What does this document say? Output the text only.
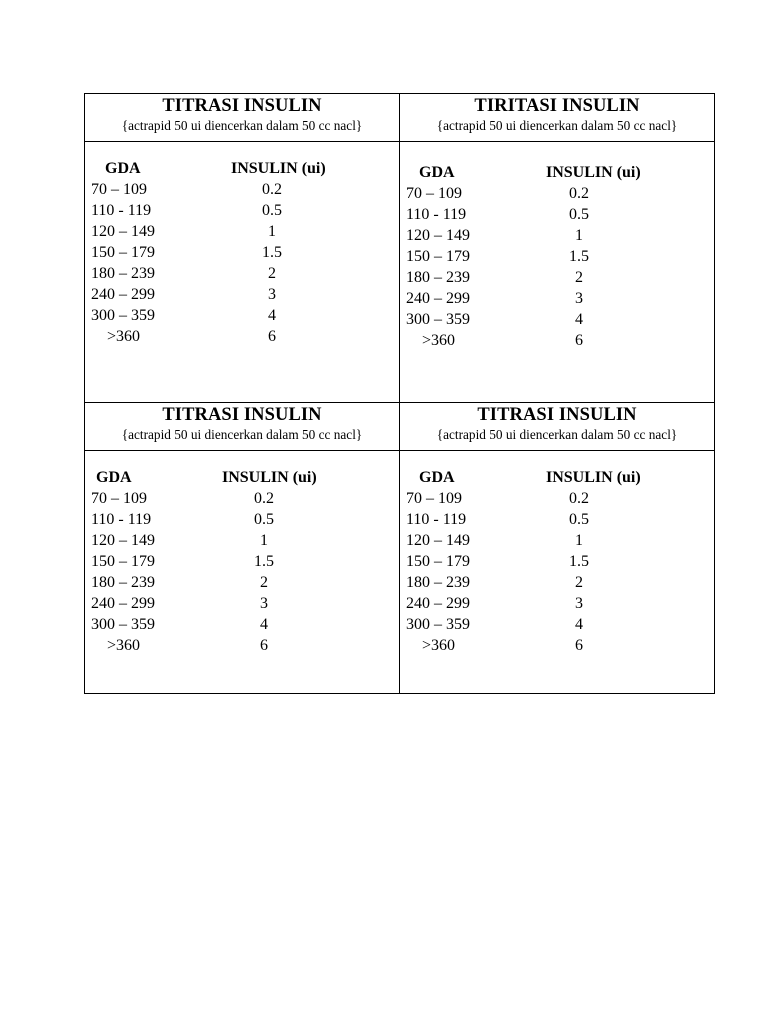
TITRASI INSULIN
{actrapid 50 ui diencerkan dalam 50 cc nacl}
GDA	INSULIN (ui)
70 – 109	0.2
110 - 119	0.5
120 – 149	1
150 – 179	1.5
180 – 239	2
240 – 299	3
300 – 359	4
>360	6
TIRITASI INSULIN
{actrapid 50 ui diencerkan dalam 50 cc nacl}
GDA	INSULIN (ui)
70 – 109	0.2
110 - 119	0.5
120 – 149	1
150 – 179	1.5
180 – 239	2
240 – 299	3
300 – 359	4
>360	6
TITRASI INSULIN
{actrapid 50 ui diencerkan dalam 50 cc nacl}
GDA	INSULIN (ui)
70 – 109	0.2
110 - 119	0.5
120 – 149	1
150 – 179	1.5
180 – 239	2
240 – 299	3
300 – 359	4
>360	6
TITRASI INSULIN
{actrapid 50 ui diencerkan dalam 50 cc nacl}
GDA	INSULIN (ui)
70 – 109	0.2
110 - 119	0.5
120 – 149	1
150 – 179	1.5
180 – 239	2
240 – 299	3
300 – 359	4
>360	6
